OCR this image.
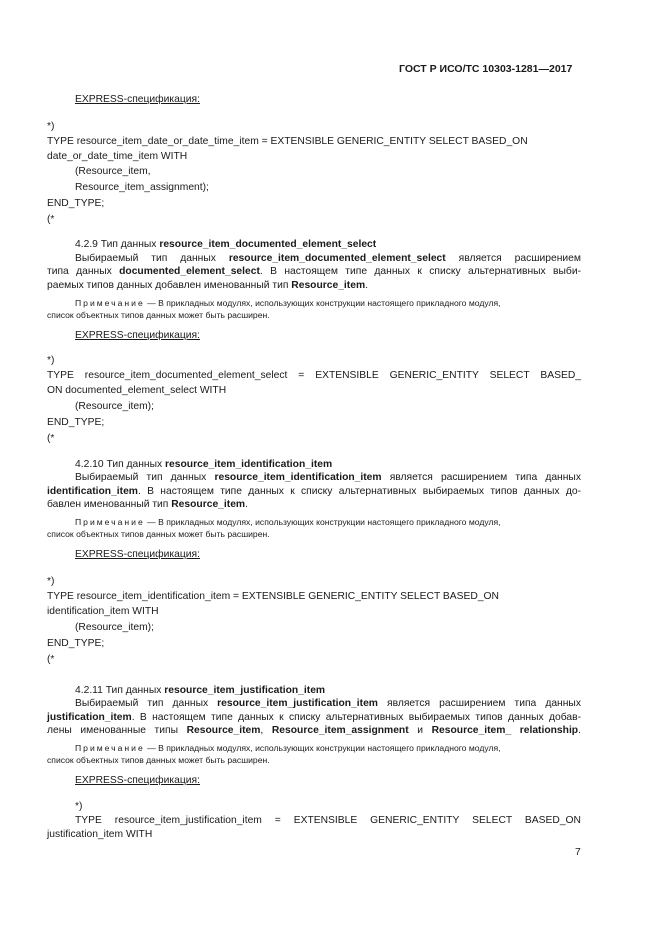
ГОСТ Р ИСО/ТС 10303-1281—2017
EXPRESS-спецификация:
*)
TYPE resource_item_date_or_date_time_item = EXTENSIBLE GENERIC_ENTITY SELECT BASED_ON
date_or_date_time_item WITH
(Resource_item,
Resource_item_assignment);
END_TYPE;
(*
4.2.9 Тип данных resource_item_documented_element_select
Выбираемый тип данных resource_item_documented_element_select является расширением
типа данных documented_element_select. В настоящем типе данных к списку альтернативных выби-
раемых типов данных добавлен именованный тип Resource_item.
Примечание — В прикладных модулях, использующих конструкции настоящего прикладного модуля,
список объектных типов данных может быть расширен.
EXPRESS-спецификация:
*)
TYPE resource_item_documented_element_select = EXTENSIBLE GENERIC_ENTITY SELECT BASED_
ON documented_element_select WITH
(Resource_item);
END_TYPE;
(*
4.2.10 Тип данных resource_item_identification_item
Выбираемый тип данных resource_item_identification_item является расширением типа данных
identification_item. В настоящем типе данных к списку альтернативных выбираемых типов данных до-
бавлен именованный тип Resource_item.
Примечание — В прикладных модулях, использующих конструкции настоящего прикладного модуля,
список объектных типов данных может быть расширен.
EXPRESS-спецификация:
*)
TYPE resource_item_identification_item = EXTENSIBLE GENERIC_ENTITY SELECT BASED_ON
identification_item WITH
(Resource_item);
END_TYPE;
(*
4.2.11 Тип данных resource_item_justification_item
Выбираемый тип данных resource_item_justification_item является расширением типа данных
justification_item. В настоящем типе данных к списку альтернативных выбираемых типов данных добав-
лены именованные типы Resource_item, Resource_item_assignment и Resource_item_ relationship.
Примечание — В прикладных модулях, использующих конструкции настоящего прикладного модуля,
список объектных типов данных может быть расширен.
EXPRESS-спецификация:
*)
TYPE resource_item_justification_item = EXTENSIBLE GENERIC_ENTITY SELECT BASED_ON
justification_item WITH
7
